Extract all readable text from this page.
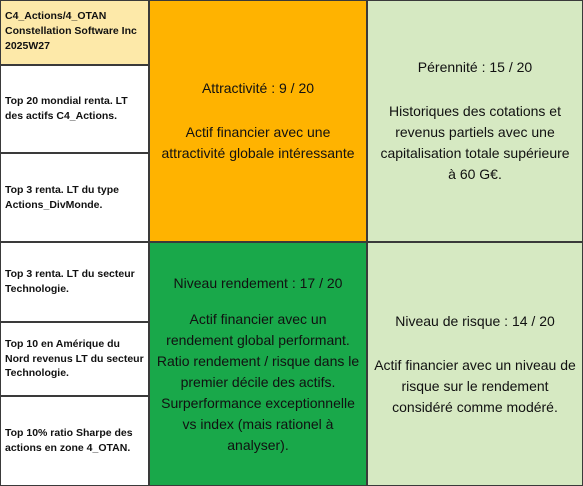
C4_Actions/4_OTAN
Constellation Software Inc
2025W27
Top 20 mondial renta. LT
des actifs C4_Actions.
Top 3 renta. LT du type
Actions_DivMonde.
Top 3 renta. LT du secteur
Technologie.
Top 10 en Amérique du
Nord revenus LT du secteur
Technologie.
Top 10% ratio Sharpe des
actions en zone 4_OTAN.
Attractivité : 9 / 20
Actif financier avec une
attractivité globale intéressante
Pérennité : 15 / 20
Historiques des cotations et
revenus partiels avec une
capitalisation totale supérieure
à 60 G€.
Niveau rendement : 17 / 20
Actif financier avec un
rendement global performant.
Ratio rendement / risque dans le
premier décile des actifs.
Surperformance exceptionnelle
vs index (mais rationel à
analyser).
Niveau de risque : 14 / 20
Actif financier avec un niveau de
risque sur le rendement
considéré comme modéré.
